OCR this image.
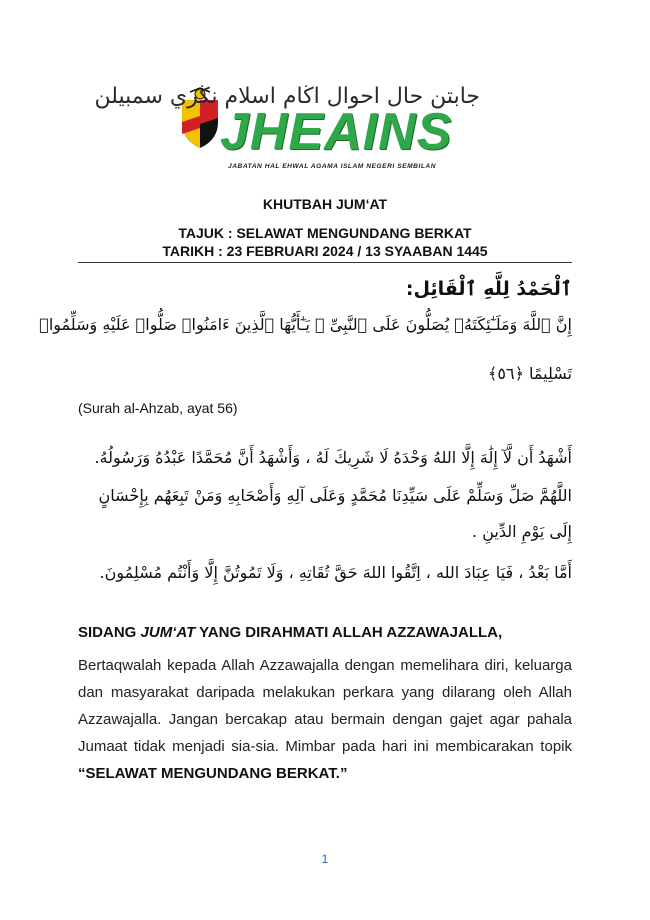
جابتن حال احوال اڬام اسلام نڬري سمبيلن
JHEAINS
JABATAN HAL EHWAL AGAMA ISLAM NEGERI SEMBILAN
KHUTBAH JUM‘AT
TAJUK : SELAWAT MENGUNDANG BERKAT
TARIKH : 23 FEBRUARI 2024 / 13 SYAABAN 1445
ٱلْحَمْدُ لِلَّهِ ٱلْقَائِل:
إِنَّ ٱللَّهَ وَمَلَـٰٓئِكَتَهُۥ يُصَلُّونَ عَلَى ٱلنَّبِىِّ ۚ يَـٰٓأَيُّهَا ٱلَّذِينَ ءَامَنُوا۟ صَلُّوا۟ عَلَيْهِ وَسَلِّمُوا۟
تَسْلِيمًا ﴿٥٦﴾
(Surah al-Ahzab, ayat 56)
أَشْهَدُ أَن لَّآ إِلَٰهَ إِلَّا اللهُ وَحْدَهُ لَا شَرِيكَ لَهُ ، وَأَشْهَدُ أَنَّ مُحَمَّدًا عَبْدُهُ وَرَسُولُهُ.
اللَّهُمَّ صَلِّ وَسَلِّمْ عَلَى سَيِّدِنَا مُحَمَّدٍ وَعَلَى آلِهِ وَأَصْحَابِهِ وَمَنْ تَبِعَهُم بِإِحْسَانٍ
إِلَى يَوْمِ الدِّينِ .
أَمَّا بَعْدُ ، فَيَا عِبَادَ الله ، اِتَّقُوا اللهَ حَقَّ تُقَاتِهِ ، وَلَا تَمُوتُنَّ إِلَّا وَأَنْتُم مُسْلِمُونَ.
SIDANG JUM‘AT YANG DIRAHMATI ALLAH AZZAWAJALLA,
Bertaqwalah kepada Allah Azzawajalla dengan memelihara diri, keluarga dan masyarakat daripada melakukan perkara yang dilarang oleh Allah Azzawajalla. Jangan bercakap atau bermain dengan gajet agar pahala Jumaat tidak menjadi sia-sia. Mimbar pada hari ini membicarakan topik “SELAWAT MENGUNDANG BERKAT.”
1
